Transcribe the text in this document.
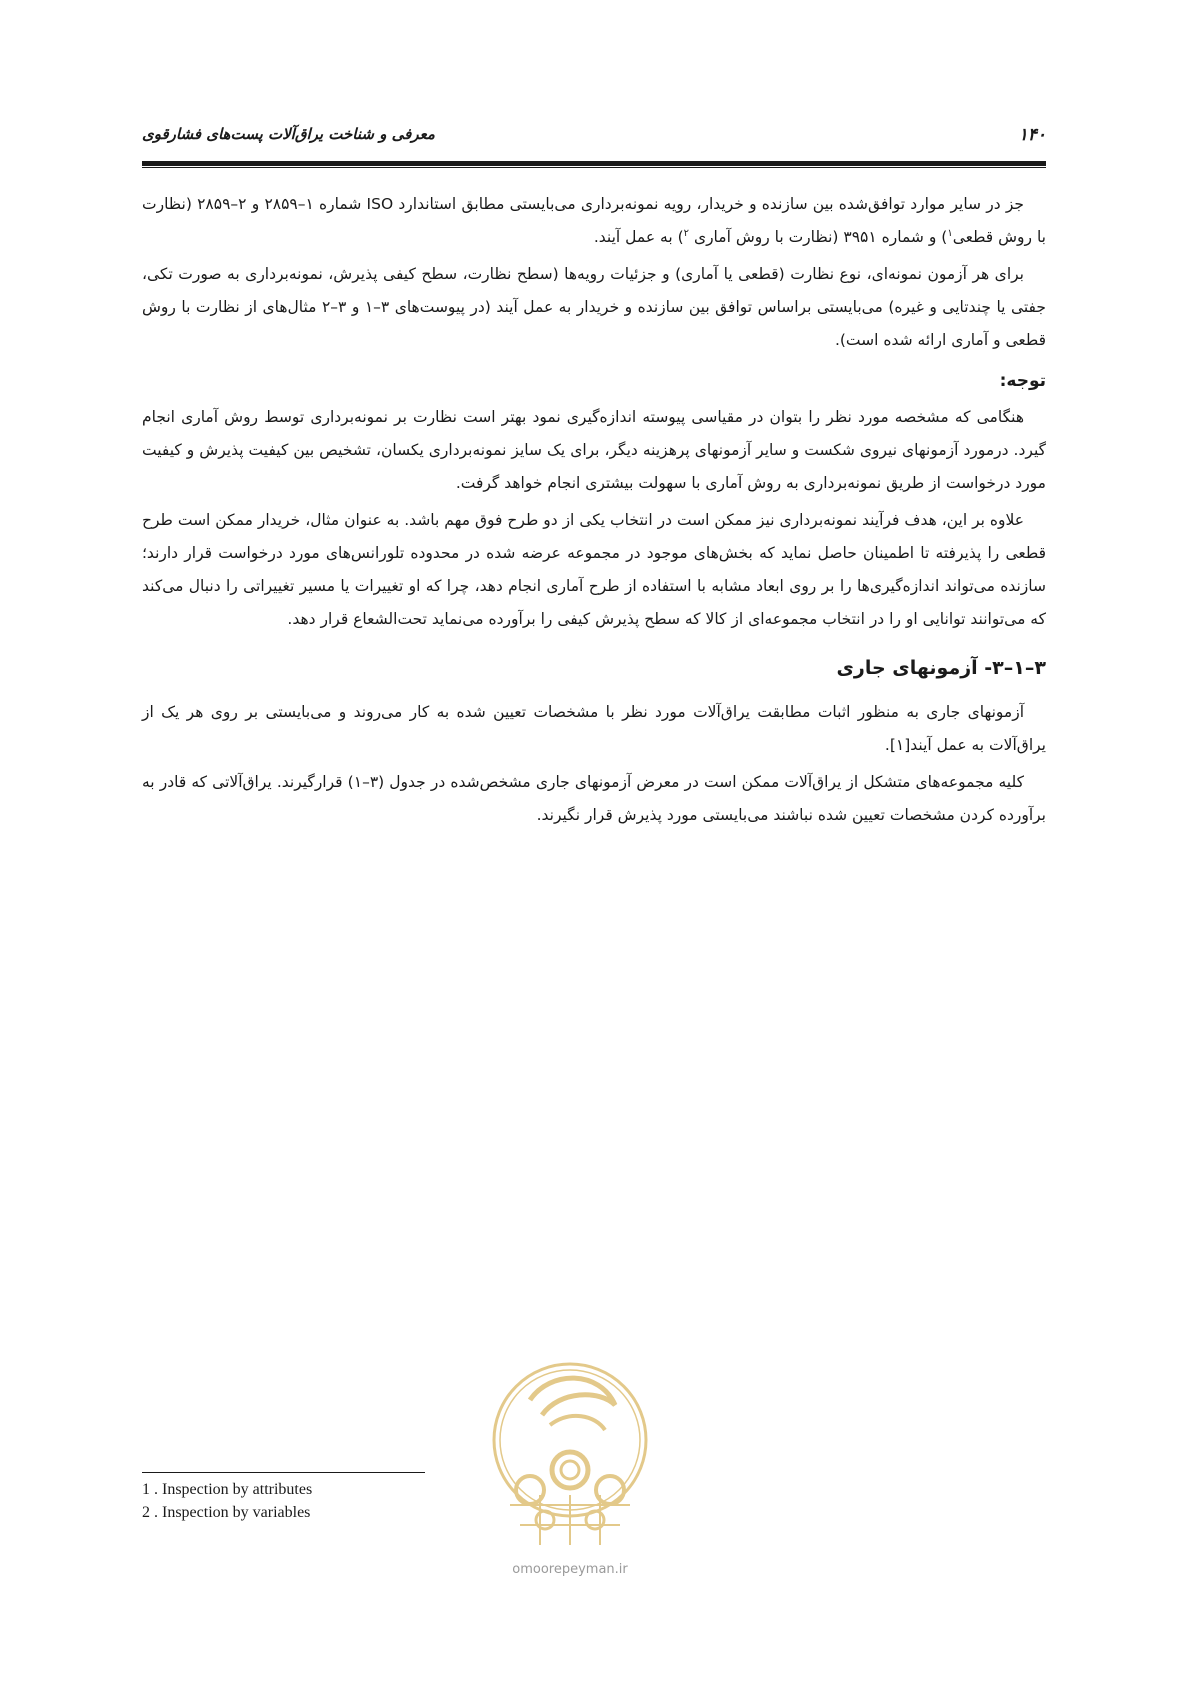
۱۴۰
معرفی و شناخت یراق‌آلات پست‌های فشارقوی

جز در سایر موارد توافق‌شده بین سازنده و خریدار، رویه نمونه‌برداری می‌بایستی مطابق استاندارد ISO شماره ۱–۲۸۵۹ و ۲–۲۸۵۹ (نظارت با روش قطعی$^۱$) و شماره ۳۹۵۱ (نظارت با روش آماری $^۲$) به عمل آیند.

برای هر آزمون نمونه‌ای، نوع نظارت (قطعی یا آماری) و جزئیات رویه‌ها (سطح نظارت، سطح کیفی پذیرش، نمونه‌برداری به صورت تکی، جفتی یا چندتایی و غیره) می‌بایستی براساس توافق بین سازنده و خریدار به عمل آیند (در پیوست‌های ۳–۱ و ۳–۲ مثال‌های از نظارت با روش قطعی و آماری ارائه شده است).

توجه:

هنگامی که مشخصه مورد نظر را بتوان در مقیاسی پیوسته اندازه‌گیری نمود بهتر است نظارت بر نمونه‌برداری توسط روش آماری انجام گیرد. درمورد آزمونهای نیروی شکست و سایر آزمونهای پرهزینه دیگر، برای یک سایز نمونه‌برداری یکسان، تشخیص بین کیفیت پذیرش و کیفیت مورد درخواست از طریق نمونه‌برداری به روش آماری با سهولت بیشتری انجام خواهد گرفت.

علاوه بر این، هدف فرآیند نمونه‌برداری نیز ممکن است در انتخاب یکی از دو طرح فوق مهم باشد. به عنوان مثال، خریدار ممکن است طرح قطعی را پذیرفته تا اطمینان حاصل نماید که بخش‌های موجود در مجموعه عرضه شده در محدوده تلورانس‌های مورد درخواست قرار دارند؛ سازنده می‌تواند اندازه‌گیری‌ها را بر روی ابعاد مشابه با استفاده از طرح آماری انجام دهد، چرا که او تغییرات یا مسیر تغییراتی را دنبال می‌کند که می‌توانند توانایی او را در انتخاب مجموعه‌ای از کالا که سطح پذیرش کیفی را برآورده می‌نماید تحت‌الشعاع قرار دهد.

۳–۱–۳- آزمونهای جاری

آزمونهای جاری به منظور اثبات مطابقت یراق‌آلات مورد نظر با مشخصات تعیین شده به کار می‌روند و می‌بایستی بر روی هر یک از یراق‌آلات به عمل آیند[۱].

کلیه مجموعه‌های متشکل از یراق‌آلات ممکن است در معرض آزمونهای جاری مشخص‌شده در جدول (۳–۱) قرارگیرند. یراق‌آلاتی که قادر به برآورده کردن مشخصات تعیین شده نباشند می‌بایستی مورد پذیرش قرار نگیرند.

omoorepeyman.ir
1 . Inspection by attributes
2 . Inspection by variables
